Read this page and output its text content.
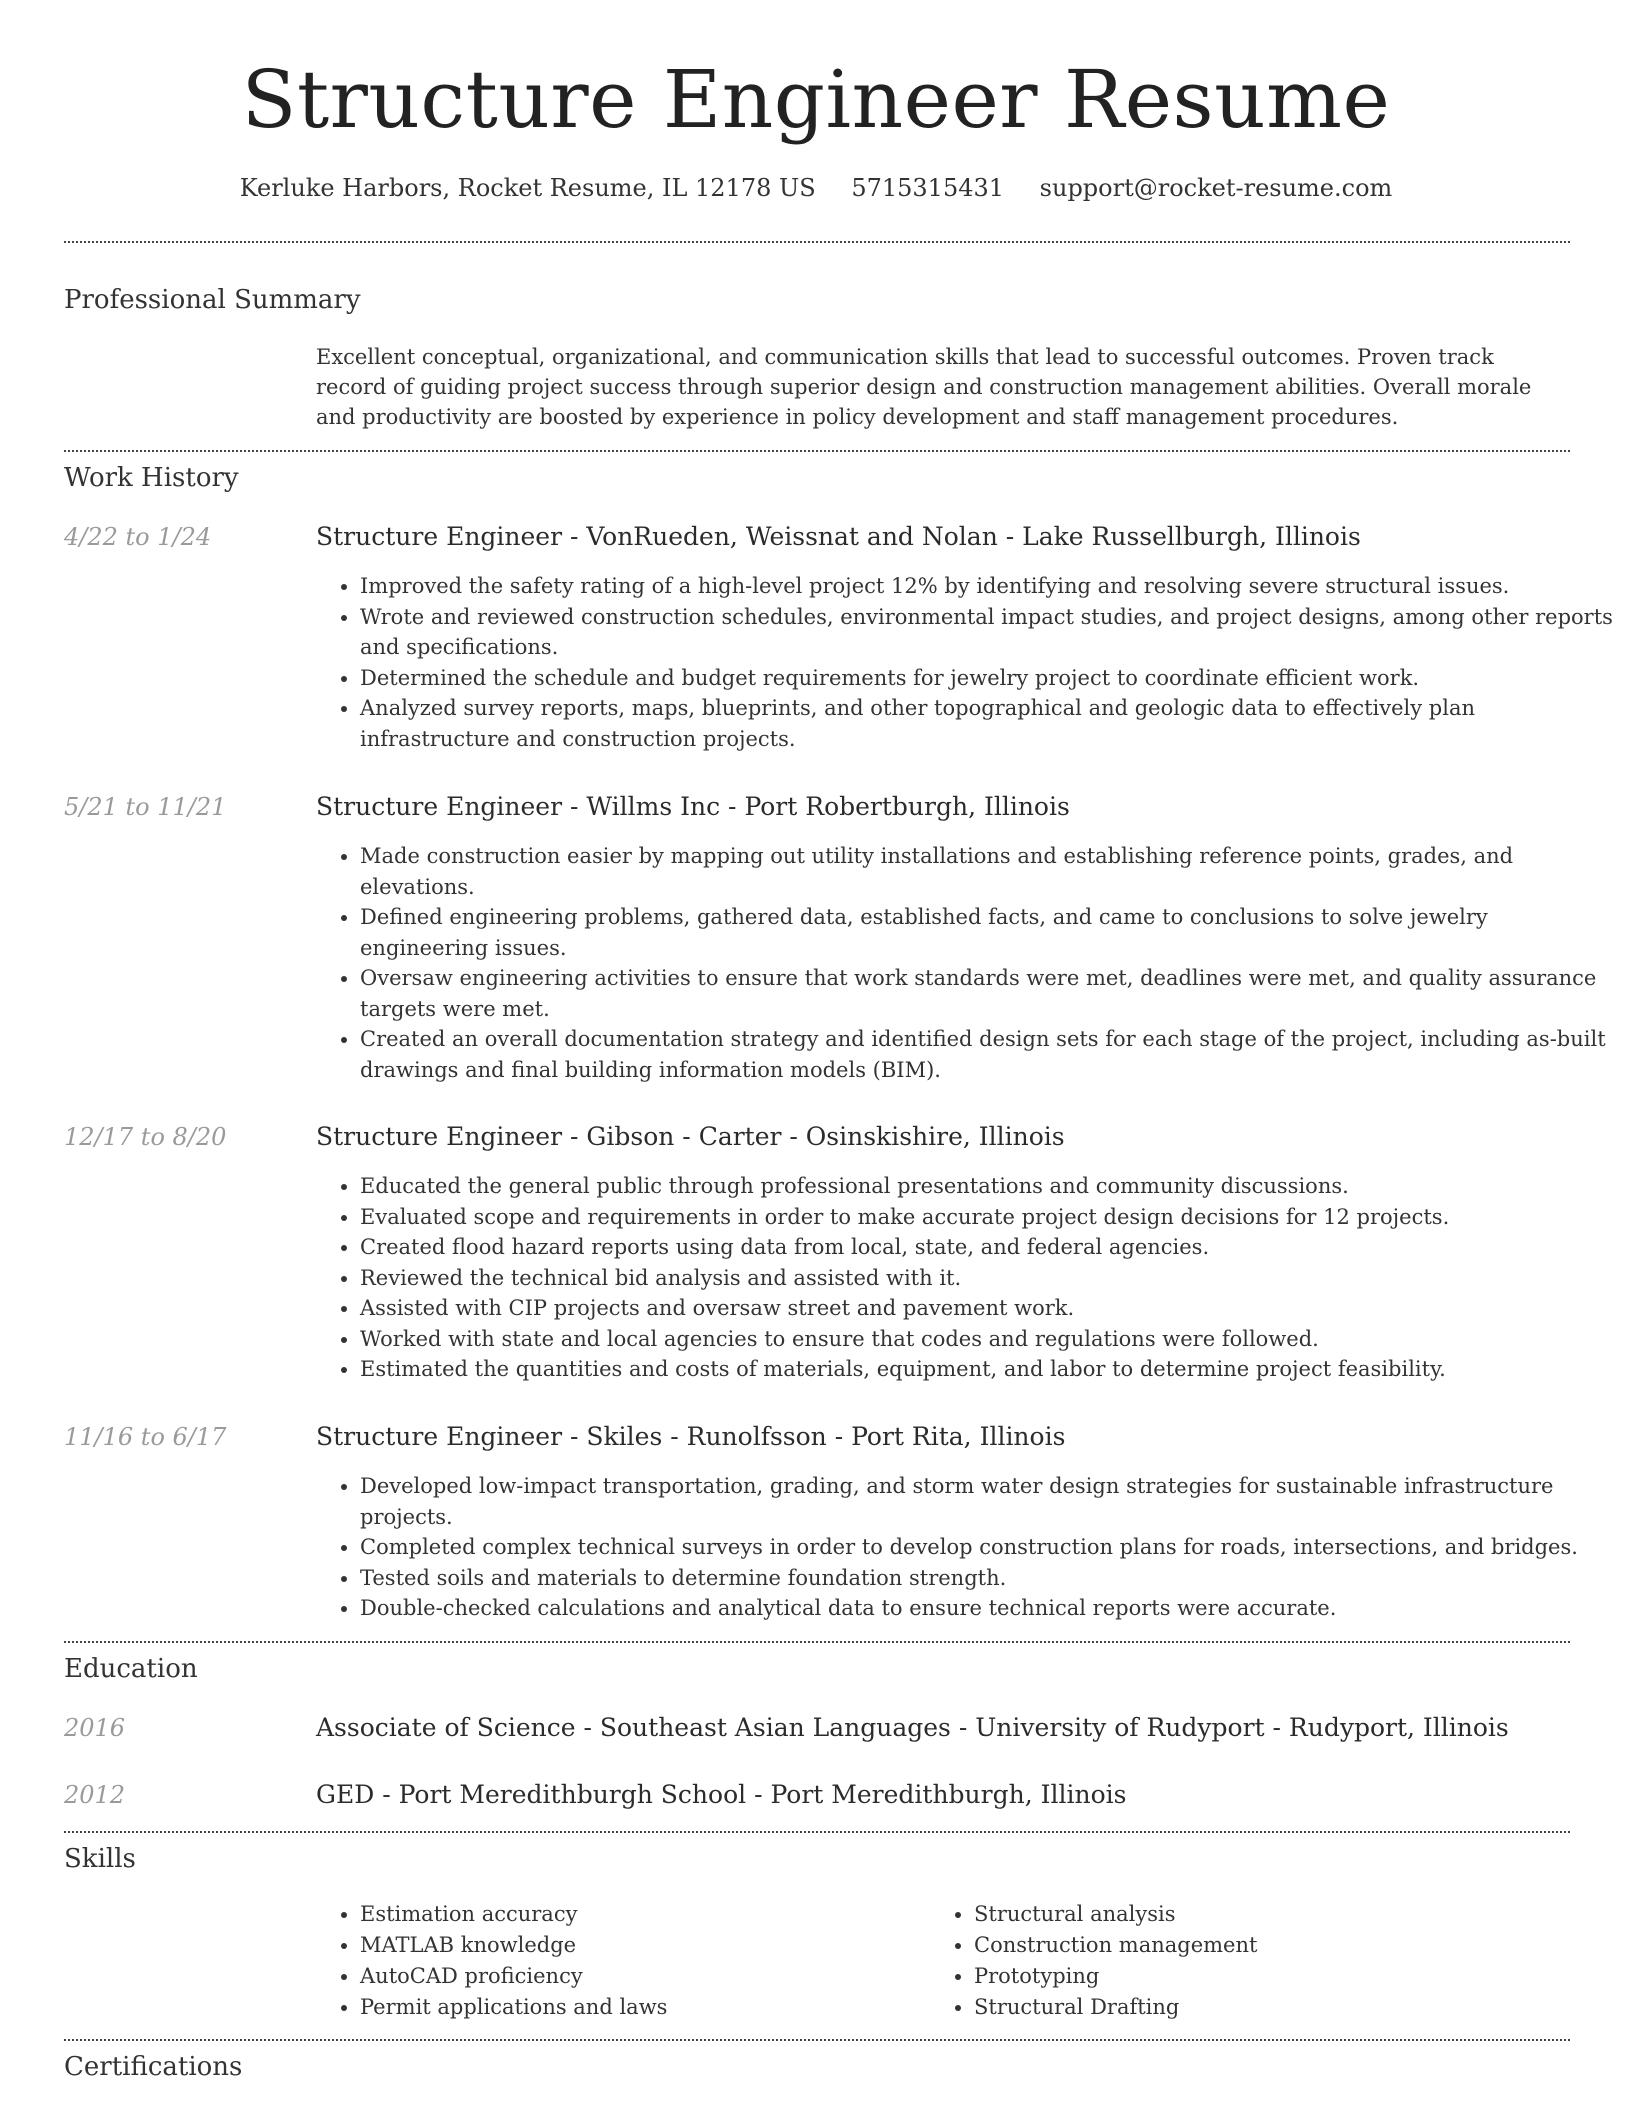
Structure Engineer Resume
Kerluke Harbors, Rocket Resume, IL 12178 US 5715315431 support@rocket-resume.com
Professional Summary

Excellent conceptual, organizational, and communication skills that lead to successful outcomes. Proven track record of guiding project success through superior design and construction management abilities. Overall morale and productivity are boosted by experience in policy development and staff management procedures.

Work History
4/22 to 1/24	Structure Engineer - VonRueden, Weissnat and Nolan - Lake Russellburgh, Illinois
• Improved the safety rating of a high-level project 12% by identifying and resolving severe structural issues.
• Wrote and reviewed construction schedules, environmental impact studies, and project designs, among other reports and specifications.
• Determined the schedule and budget requirements for jewelry project to coordinate efficient work.
• Analyzed survey reports, maps, blueprints, and other topographical and geologic data to effectively plan infrastructure and construction projects.
5/21 to 11/21	Structure Engineer - Willms Inc - Port Robertburgh, Illinois
• Made construction easier by mapping out utility installations and establishing reference points, grades, and elevations.
• Defined engineering problems, gathered data, established facts, and came to conclusions to solve jewelry engineering issues.
• Oversaw engineering activities to ensure that work standards were met, deadlines were met, and quality assurance targets were met.
• Created an overall documentation strategy and identified design sets for each stage of the project, including as-built drawings and final building information models (BIM).
12/17 to 8/20	Structure Engineer - Gibson - Carter - Osinskishire, Illinois
• Educated the general public through professional presentations and community discussions.
• Evaluated scope and requirements in order to make accurate project design decisions for 12 projects.
• Created flood hazard reports using data from local, state, and federal agencies.
• Reviewed the technical bid analysis and assisted with it.
• Assisted with CIP projects and oversaw street and pavement work.
• Worked with state and local agencies to ensure that codes and regulations were followed.
• Estimated the quantities and costs of materials, equipment, and labor to determine project feasibility.
11/16 to 6/17	Structure Engineer - Skiles - Runolfsson - Port Rita, Illinois
• Developed low-impact transportation, grading, and storm water design strategies for sustainable infrastructure projects.
• Completed complex technical surveys in order to develop construction plans for roads, intersections, and bridges.
• Tested soils and materials to determine foundation strength.
• Double-checked calculations and analytical data to ensure technical reports were accurate.
Education
2016	Associate of Science - Southeast Asian Languages - University of Rudyport - Rudyport, Illinois
2012	GED - Port Meredithburgh School - Port Meredithburgh, Illinois
Skills
• Estimation accuracy
• MATLAB knowledge
• AutoCAD proficiency
• Permit applications and laws
• Structural analysis
• Construction management
• Prototyping
• Structural Drafting
Certifications
